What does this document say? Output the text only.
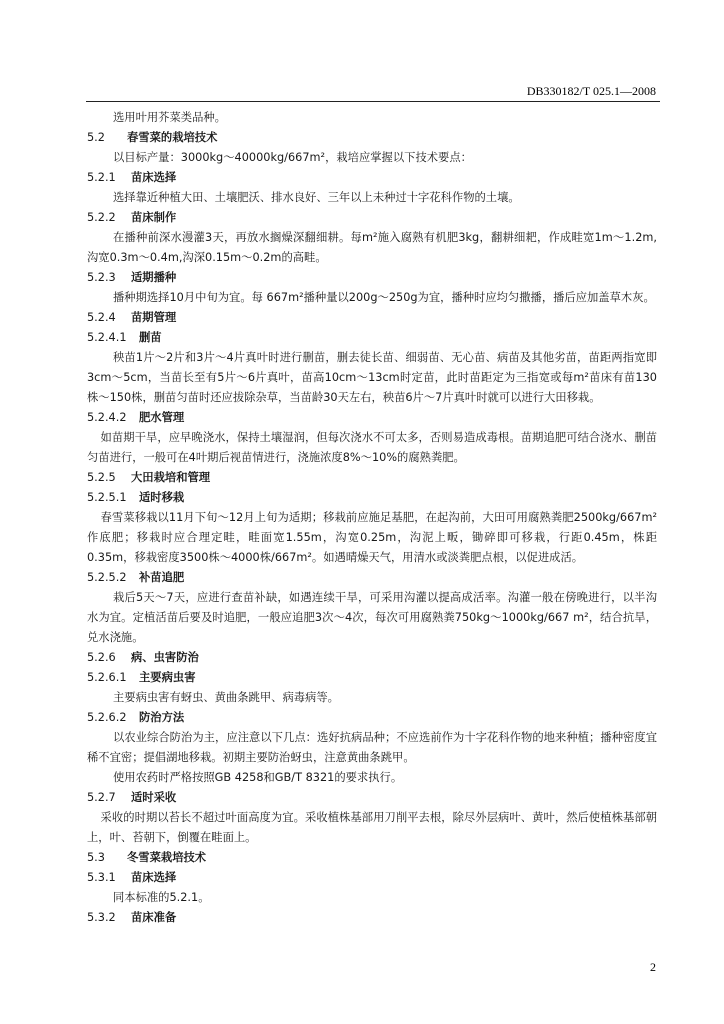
DB330182/T 025.1—2008

选用叶用芥菜类品种。

5.2 春雪菜的栽培技术

以目标产量：3000kg～40000kg/667m²，栽培应掌握以下技术要点：

5.2.1 苗床选择

选择靠近种植大田、土壤肥沃、排水良好、三年以上未种过十字花科作物的土壤。

5.2.2 苗床制作

在播种前深水漫灌3天，再放水搁燥深翻细耕。每m²施入腐熟有机肥3kg，翻耕细耙，作成畦宽1m～1.2m,沟宽0.3m～0.4m,沟深0.15m～0.2m的高畦。

5.2.3 适期播种

播种期选择10月中旬为宜。每 667m²播种量以200g～250g为宜，播种时应均匀撒播，播后应加盖草木灰。

5.2.4 苗期管理

5.2.4.1 删苗

秧苗1片～2片和3片～4片真叶时进行删苗，删去徒长苗、细弱苗、无心苗、病苗及其他劣苗，苗距两指宽即3cm～5cm，当苗长至有5片～6片真叶，苗高10cm～13cm时定苗，此时苗距定为三指宽或每m²苗床有苗130株～150株，删苗匀苗时还应拔除杂草，当苗龄30天左右，秧苗6片～7片真叶时就可以进行大田移栽。

5.2.4.2 肥水管理

如苗期干旱，应早晚浇水，保持土壤湿润，但每次浇水不可太多，否则易造成毒根。苗期追肥可结合浇水、删苗匀苗进行，一般可在4叶期后视苗情进行，浇施浓度8%～10%的腐熟粪肥。

5.2.5 大田栽培和管理

5.2.5.1 适时移栽

春雪菜移栽以11月下旬～12月上旬为适期；移栽前应施足基肥，在起沟前，大田可用腐熟粪肥2500kg/667m²作底肥；移栽时应合理定畦，畦面宽1.55m，沟宽0.25m，沟泥上畈，锄碎即可移栽，行距0.45m，株距0.35m，移栽密度3500株～4000株/667m²。如遇晴燥天气，用清水或淡粪肥点根，以促进成活。

5.2.5.2 补苗追肥

栽后5天～7天，应进行查苗补缺，如遇连续干旱，可采用沟灌以提高成活率。沟灌一般在傍晚进行，以半沟水为宜。定植活苗后要及时追肥，一般应追肥3次～4次，每次可用腐熟粪750kg～1000kg/667 m²，结合抗旱，兑水浇施。

5.2.6 病、虫害防治

5.2.6.1 主要病虫害

主要病虫害有蚜虫、黄曲条跳甲、病毒病等。

5.2.6.2 防治方法

以农业综合防治为主，应注意以下几点：选好抗病品种；不应选前作为十字花科作物的地来种植；播种密度宜稀不宜密；提倡湖地移栽。初期主要防治蚜虫，注意黄曲条跳甲。

使用农药时严格按照GB 4258和GB/T 8321的要求执行。

5.2.7 适时采收

采收的时期以苔长不超过叶面高度为宜。采收植株基部用刀削平去根，除尽外层病叶、黄叶，然后使植株基部朝上，叶、苔朝下，倒覆在畦面上。

5.3 冬雪菜栽培技术

5.3.1 苗床选择

同本标准的5.2.1。

5.3.2 苗床准备

2
